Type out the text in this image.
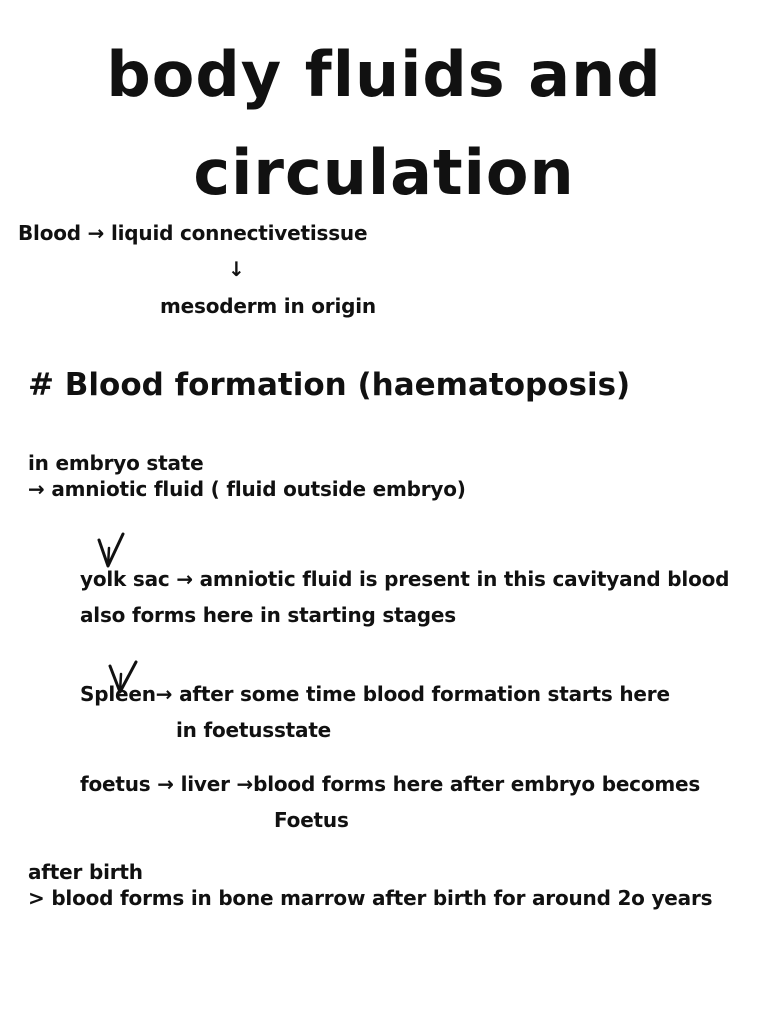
body fluids and
circulation
Blood → liquid connectivetissue
↓
mesoderm in origin
# Blood formation (haematoposis)
in embryo state
→ amniotic fluid ( fluid outside embryo)
yolk sac → amniotic fluid is present in this cavityand blood
also forms here in starting stages
Spleen→ after some time blood formation starts here
in foetusstate
foetus → liver →blood forms here after embryo becomes
Foetus
after birth
> blood forms in bone marrow after birth for around 2o years
